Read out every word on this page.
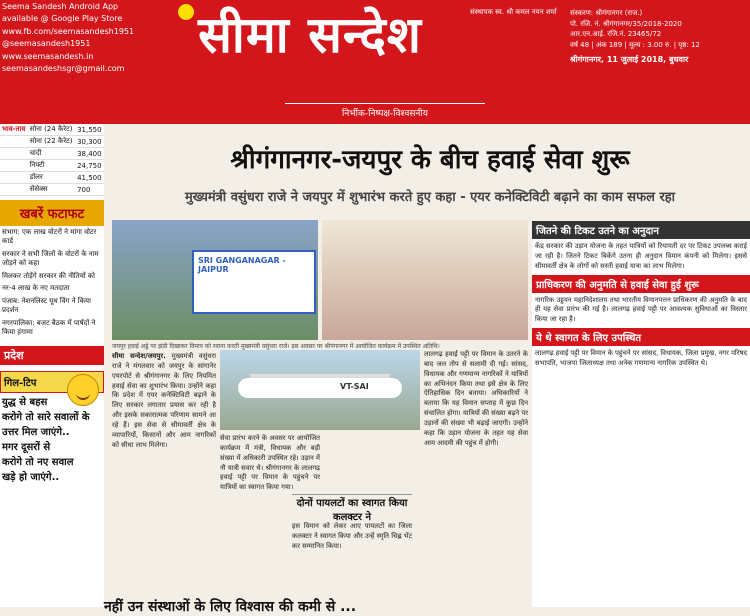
Seema Sandesh Android App
available @ Google Play Store
www.fb.com/seemasandesh1951
@seemasandesh1951
www.seemasandesh.in
seemasandeshsgr@gmail.com
सीमा सन्देश	संस्थापक स्व. श्री कमल नयन शर्मा
निर्भीक-निष्पक्ष-विश्वसनीय
संस्करण: श्रीगंगानगर (राज.)
पो. रजि. नं. श्रीगंगानगर/35/2018-2020
आर.एन.आई. रजि.नं. 23465/72
वर्ष 48 | अंक 189 | मूल्य : 3.00 रु. | पृष्ठ: 12
श्रीगंगानगर, 11 जुलाई 2018, बुधवार
भाव-ताव	सोना (24 कैरेट)	31,550
	सोना (22 कैरेट)	30,300
	चांदी	38,400
	निफ्टी	24,750
	डॉलर	41,500
	सेंसेक्स	700
खबरें फटाफट

संभाग: एक लाख वोटरों ने मांगा वोटर कार्ड

सरकार ने सभी जिलों के वोटरों के नाम जोड़ने को कहा

मिलकर तोड़ेंगे सरकार की नीतियों को

नर-4 लाख के नए मतदाता

पंजाब: नेशनलिस्ट यूथ विंग ने किया प्रदर्शन

नगरपालिका: बजट बैठक में पार्षदों ने किया हंगामा

प्रदेश
गिल-टिप
युद्ध से बहस
करोगे तो सारे सवालों के
उत्तर मिल जाएंगे..
मगर दूसरों से
करोगे तो नए सवाल
खड़े हो जाएंगे..
श्रीगंगानगर-जयपुर के बीच हवाई सेवा शुरू
मुख्यमंत्री वसुंधरा राजे ने जयपुर में शुभारंभ करते हुए कहा - एयर कनेक्टिविटी बढ़ाने का काम सफल रहा
SRI GANGANAGAR - JAIPUR
जयपुर हवाई अड्डे पर झंडी दिखाकर विमान को रवाना करती मुख्यमंत्री वसुंधरा राजे। इस अवसर पर श्रीगंगानगर में आयोजित कार्यक्रम में उपस्थित अतिथि।
सीमा सन्देश/जयपुर. मुख्यमंत्री वसुंधरा राजे ने मंगलवार को जयपुर के सांगानेर एयरपोर्ट से श्रीगंगानगर के लिए नियमित हवाई सेवा का शुभारंभ किया। उन्होंने कहा कि प्रदेश में एयर कनेक्टिविटी बढ़ाने के लिए सरकार लगातार प्रयास कर रही है और इसके सकारात्मक परिणाम सामने आ रहे हैं। इस सेवा से सीमावर्ती क्षेत्र के व्यापारियों, किसानों और आम नागरिकों को सीधा लाभ मिलेगा।
VT-SAI
सेवा प्रारंभ करने के अवसर पर आयोजित कार्यक्रम में मंत्री, विधायक और बड़ी संख्या में अधिकारी उपस्थित रहे। उड़ान में नौ यात्री सवार थे। श्रीगंगानगर के लालगढ़ हवाई पट्टी पर विमान के पहुंचने पर यात्रियों का स्वागत किया गया।
लालगढ़ हवाई पट्टी पर विमान के उतरने के बाद जल तोप से सलामी दी गई। सांसद, विधायक और गणमान्य नागरिकों ने यात्रियों का अभिनंदन किया तथा इसे क्षेत्र के लिए ऐतिहासिक दिन बताया। अधिकारियों ने बताया कि यह विमान सप्ताह में कुछ दिन संचालित होगा। यात्रियों की संख्या बढ़ने पर उड़ानों की संख्या भी बढ़ाई जाएगी। उन्होंने कहा कि उड़ान योजना के तहत यह सेवा आम आदमी की पहुंच में होगी।
दोनों पायलटों का स्वागत किया कलक्टर ने
इस विमान को लेकर आए पायलटों का जिला कलक्टर ने स्वागत किया और उन्हें स्मृति चिह्न भेंट कर सम्मानित किया।
जितने की टिकट उतने का अनुदान
केंद्र सरकार की उड़ान योजना के तहत यात्रियों को रियायती दर पर टिकट उपलब्ध कराई जा रही है। जितने टिकट बिकेंगे उतना ही अनुदान विमान कंपनी को मिलेगा। इससे सीमावर्ती क्षेत्र के लोगों को सस्ती हवाई यात्रा का लाभ मिलेगा।
प्राधिकरण की अनुमति से हवाई सेवा हुई शुरू
नागरिक उड्डयन महानिदेशालय तथा भारतीय विमानपत्तन प्राधिकरण की अनुमति के बाद ही यह सेवा प्रारंभ की गई है। लालगढ़ हवाई पट्टी पर आवश्यक सुविधाओं का विस्तार किया जा रहा है।
ये थे स्वागत के लिए उपस्थित
लालगढ़ हवाई पट्टी पर विमान के पहुंचने पर सांसद, विधायक, जिला प्रमुख, नगर परिषद सभापति, भाजपा जिलाध्यक्ष तथा अनेक गणमान्य नागरिक उपस्थित थे।
नहीं उन संस्थाओं के लिए विश्वास की कमी से ...
